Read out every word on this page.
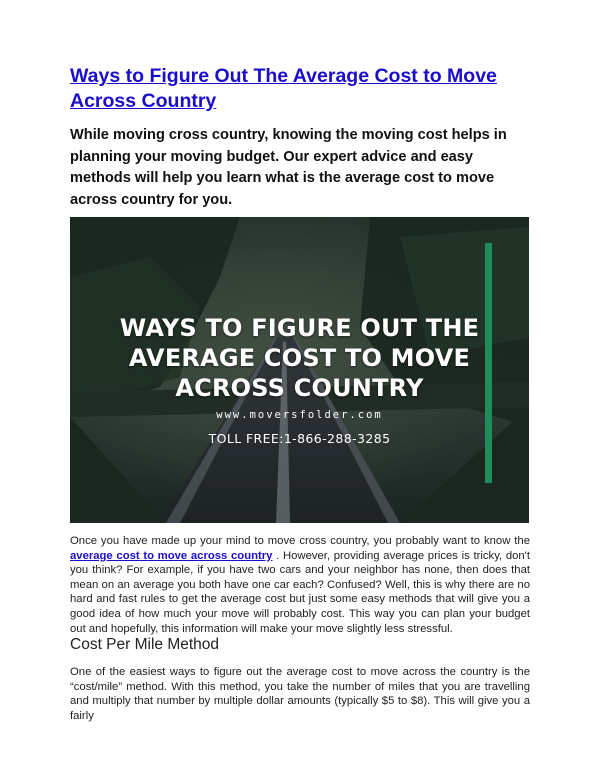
Ways to Figure Out The Average Cost to Move Across Country

While moving cross country, knowing the moving cost helps in planning your moving budget. Our expert advice and easy methods will help you learn what is the average cost to move across country for you.

WAYS TO FIGURE OUT THE
AVERAGE COST TO MOVE
ACROSS COUNTRY
www.moversfolder.com
TOLL FREE:1-866-288-3285

Once you have made up your mind to move cross country, you probably want to know the average cost to move across country . However, providing average prices is tricky, don't you think? For example, if you have two cars and your neighbor has none, then does that mean on an average you both have one car each? Confused? Well, this is why there are no hard and fast rules to get the average cost but just some easy methods that will give you a good idea of how much your move will probably cost. This way you can plan your budget out and hopefully, this information will make your move slightly less stressful.

Cost Per Mile Method

One of the easiest ways to figure out the average cost to move across the country is the “cost/mile” method. With this method, you take the number of miles that you are travelling and multiply that number by multiple dollar amounts (typically $5 to $8). This will give you a fairly
